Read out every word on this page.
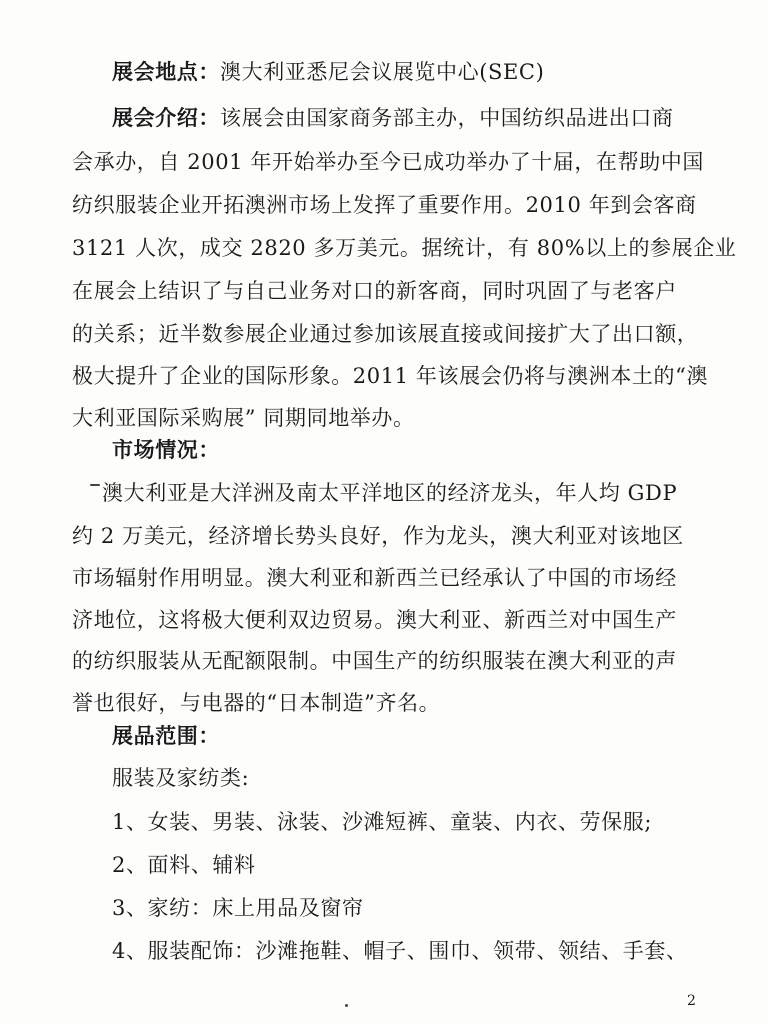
展会地点：澳大利亚悉尼会议展览中心(SEC)
展会介绍：该展会由国家商务部主办，中国纺织品进出口商
会承办，自 2001 年开始举办至今已成功举办了十届，在帮助中国
纺织服装企业开拓澳洲市场上发挥了重要作用。2010 年到会客商
3121 人次，成交 2820 多万美元。据统计，有 80%以上的参展企业
在展会上结识了与自己业务对口的新客商，同时巩固了与老客户
的关系；近半数参展企业通过参加该展直接或间接扩大了出口额，
极大提升了企业的国际形象。2011 年该展会仍将与澳洲本土的“澳
大利亚国际采购展” 同期同地举办。
市场情况：
澳大利亚是大洋洲及南太平洋地区的经济龙头，年人均 GDP
约 2 万美元，经济增长势头良好，作为龙头，澳大利亚对该地区
市场辐射作用明显。澳大利亚和新西兰已经承认了中国的市场经
济地位，这将极大便利双边贸易。澳大利亚、新西兰对中国生产
的纺织服装从无配额限制。中国生产的纺织服装在澳大利亚的声
誉也很好，与电器的“日本制造”齐名。
展品范围：
服装及家纺类:
1、女装、男装、泳装、沙滩短裤、童装、内衣、劳保服;
2、面料、辅料
3、家纺：床上用品及窗帘
4、服装配饰：沙滩拖鞋、帽子、围巾、领带、领结、手套、
2
